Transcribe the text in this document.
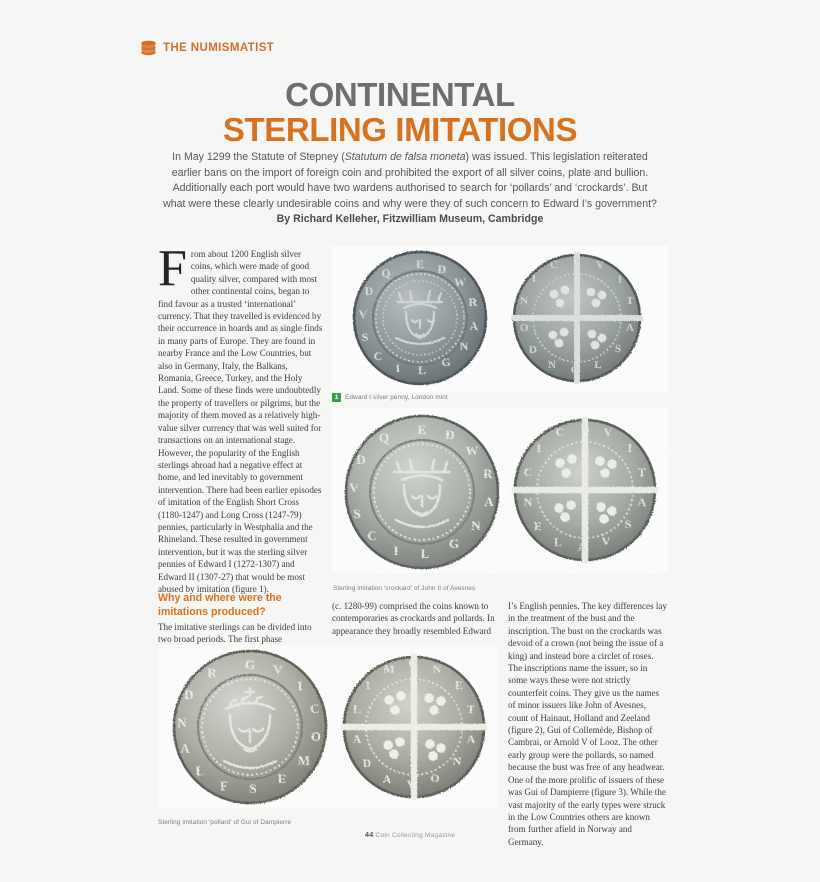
THE NUMISMATIST
CONTINENTAL
STERLING IMITATIONS
In May 1299 the Statute of Stepney (Statutum de falsa moneta) was issued. This legislation reiterated earlier bans on the import of foreign coin and prohibited the export of all silver coins, plate and bullion. Additionally each port would have two wardens authorised to search for ‘pollards’ and ‘crockards’. But what were these clearly undesirable coins and why were they of such concern to Edward I’s government? By Richard Kelleher, Fitzwilliam Museum, Cambridge
F rom about 1200 English silver coins, which were made of good quality silver, compared with most other continental coins, began to find favour as a trusted ‘international’ currency. That they travelled is evidenced by their occurrence in hoards and as single finds in many parts of Europe. They are found in nearby France and the Low Countries, but also in Germany, Italy, the Balkans, Romania, Greece, Turkey, and the Holy Land. Some of these finds were undoubtedly the property of travellers or pilgrims, but the majority of them moved as a relatively high-value silver currency that was well suited for transactions on an international stage. However, the popularity of the English sterlings abroad had a negative effect at home, and led inevitably to government intervention. There had been earlier episodes of imitation of the English Short Cross (1180-1247) and Long Cross (1247-79) pennies, particularly in Westphalia and the Rhineland. These resulted in government intervention, but it was the sterling silver pennies of Edward I (1272-1307) and Edward II (1307-27) that would be most abused by imitation (figure 1).

Why and where were the imitations produced?
The imitative sterlings can be divided into two broad periods. The first phase
(c. 1280-99) comprised the coins known to contemporaries as crockards and pollards. In appearance they broadly resembled Edward
I’s English pennies. The key differences lay in the treatment of the bust and the inscription. The bust on the crockards was devoid of a crown (not being the issue of a king) and instead bore a circlet of roses. The inscriptions name the issuer, so in some ways these were not strictly counterfeit coins. They give us the names of minor issuers like John of Avesnes, count of Hainaut, Holland and Zeeland (figure 2), Gui of Collemède, Bishop of Cambrai, or Arnold V of Looz. The other early group were the pollards, so named because the bust was free of any headwear. One of the more prolific of issuers of these was Gui of Dampierre (figure 3). While the vast majority of the early types were struck in the Low Countries others are known from further afield in Norway and Germany.
E D
W
R
A
N
G
L
I
C
S
V
D
Q
C I V
I
T
A
S
L
O
N
D
O
N
I
1	Edward I silver penny, London mint
E D
W
R
A
N
G
L
I
C
S
V
D
Q	C I V
I
T
A
S
V
A
L
E
N
C
I
Sterling imitation ‘crockard’ of John II of Avesnes
G V
I
C
O
M
E
S
F
L
A
N
D
R	M O N
E
T
A
N
O
V
A
D
A
L
I
Sterling imitation ‘pollard’ of Gui of Dampierre
44 Coin Collecting Magazine
